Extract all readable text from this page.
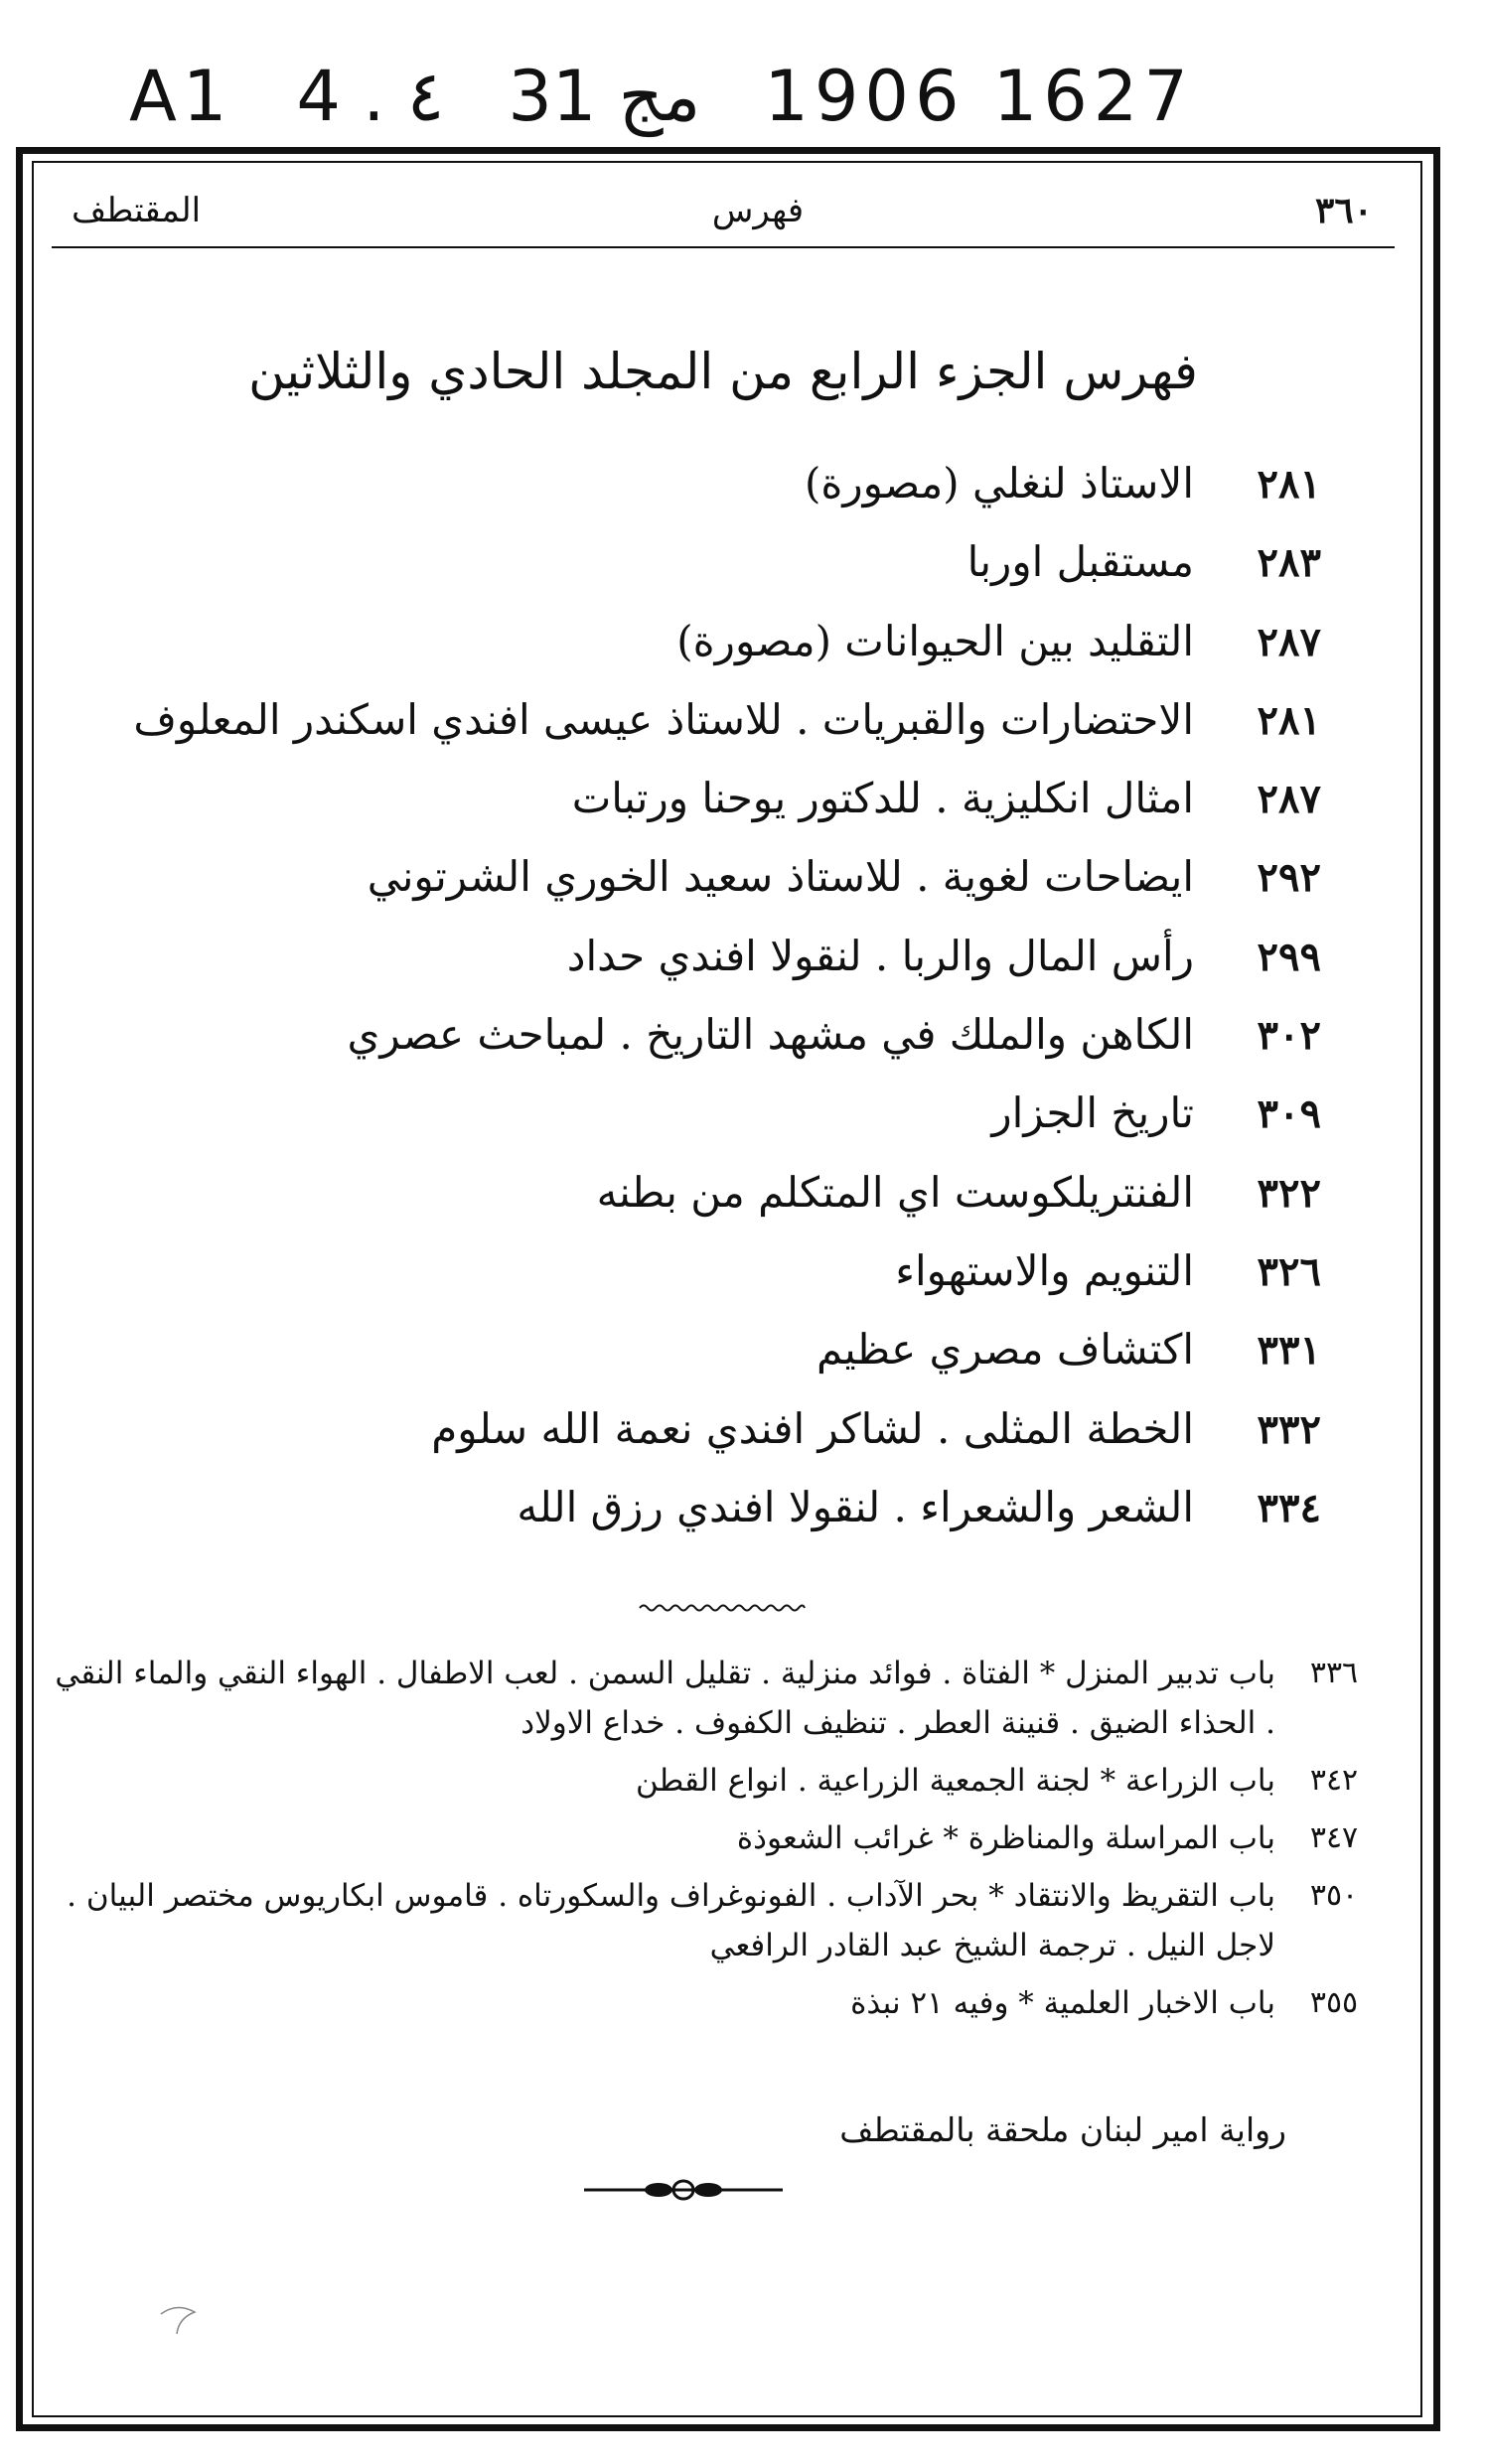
A1 4 . ٤ 31 مج 1906 1627
٣٦٠
فهرس
المقتطف
فهرس الجزء الرابع من المجلد الحادي والثلاثين
٢٨١
الاستاذ لنغلي (مصورة)
٢٨٣
مستقبل اوربا
٢٨٧
التقليد بين الحيوانات (مصورة)
٢٨١
الاحتضارات والقبريات . للاستاذ عيسى افندي اسكندر المعلوف
٢٨٧
امثال انكليزية . للدكتور يوحنا ورتبات
٢٩٢
ايضاحات لغوية . للاستاذ سعيد الخوري الشرتوني
٢٩٩
رأس المال والربا . لنقولا افندي حداد
٣٠٢
الكاهن والملك في مشهد التاريخ . لمباحث عصري
٣٠٩
تاريخ الجزار
٣٢٢
الفنتريلكوست اي المتكلم من بطنه
٣٢٦
التنويم والاستهواء
٣٣١
اكتشاف مصري عظيم
٣٣٢
الخطة المثلى . لشاكر افندي نعمة الله سلوم
٣٣٤
الشعر والشعراء . لنقولا افندي رزق الله
٣٣٦
باب تدبير المنزل * الفتاة . فوائد منزلية . تقليل السمن . لعب الاطفال . الهواء النقي والماء النقي . الحذاء الضيق . قنينة العطر . تنظيف الكفوف . خداع الاولاد
٣٤٢
باب الزراعة * لجنة الجمعية الزراعية . انواع القطن
٣٤٧
باب المراسلة والمناظرة * غرائب الشعوذة
٣٥٠
باب التقريظ والانتقاد * بحر الآداب . الفونوغراف والسكورتاه . قاموس ابكاريوس مختصر البيان . لاجل النيل . ترجمة الشيخ عبد القادر الرافعي
٣٥٥
باب الاخبار العلمية * وفيه ٢١ نبذة
رواية امير لبنان ملحقة بالمقتطف
